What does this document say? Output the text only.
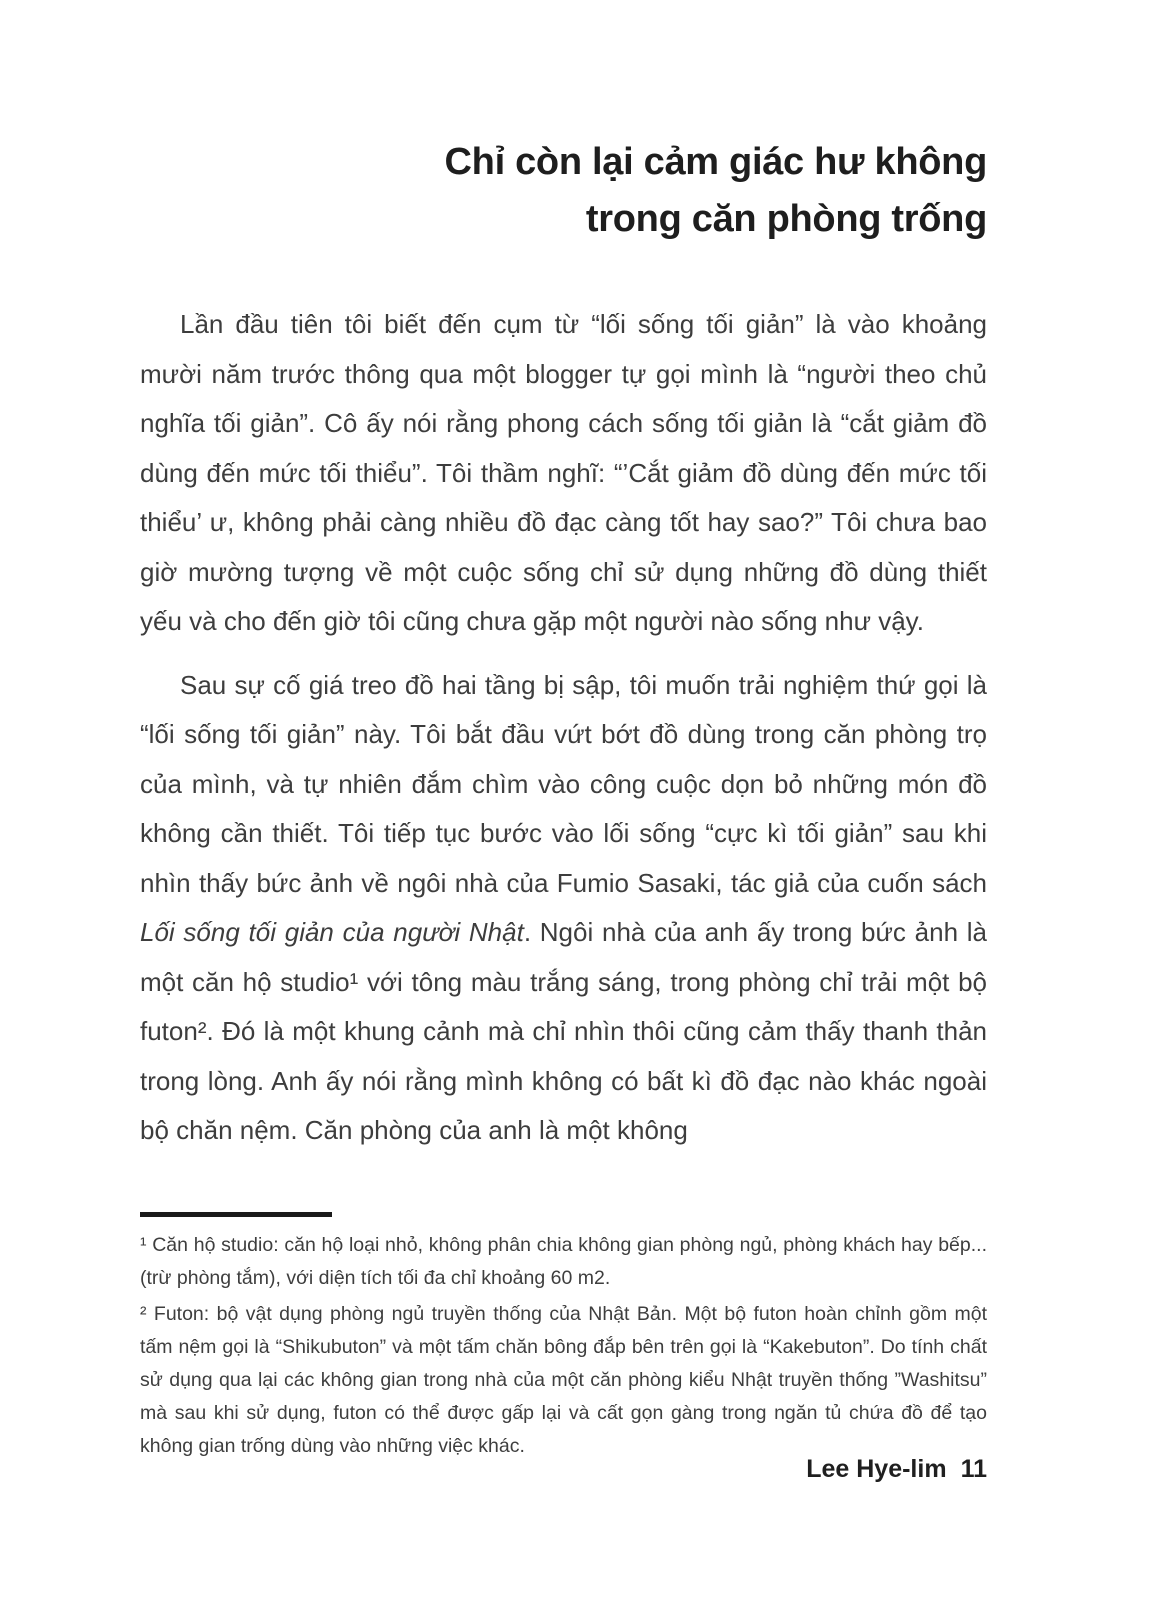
Chỉ còn lại cảm giác hư không
trong căn phòng trống

Lần đầu tiên tôi biết đến cụm từ “lối sống tối giản” là vào khoảng mười năm trước thông qua một blogger tự gọi mình là “người theo chủ nghĩa tối giản”. Cô ấy nói rằng phong cách sống tối giản là “cắt giảm đồ dùng đến mức tối thiểu”. Tôi thầm nghĩ: “’Cắt giảm đồ dùng đến mức tối thiểu’ ư, không phải càng nhiều đồ đạc càng tốt hay sao?” Tôi chưa bao giờ mường tượng về một cuộc sống chỉ sử dụng những đồ dùng thiết yếu và cho đến giờ tôi cũng chưa gặp một người nào sống như vậy.

Sau sự cố giá treo đồ hai tầng bị sập, tôi muốn trải nghiệm thứ gọi là “lối sống tối giản” này. Tôi bắt đầu vứt bớt đồ dùng trong căn phòng trọ của mình, và tự nhiên đắm chìm vào công cuộc dọn bỏ những món đồ không cần thiết. Tôi tiếp tục bước vào lối sống “cực kì tối giản” sau khi nhìn thấy bức ảnh về ngôi nhà của Fumio Sasaki, tác giả của cuốn sách Lối sống tối giản của người Nhật. Ngôi nhà của anh ấy trong bức ảnh là một căn hộ studio¹ với tông màu trắng sáng, trong phòng chỉ trải một bộ futon². Đó là một khung cảnh mà chỉ nhìn thôi cũng cảm thấy thanh thản trong lòng. Anh ấy nói rằng mình không có bất kì đồ đạc nào khác ngoài bộ chăn nệm. Căn phòng của anh là một không

¹ Căn hộ studio: căn hộ loại nhỏ, không phân chia không gian phòng ngủ, phòng khách hay bếp... (trừ phòng tắm), với diện tích tối đa chỉ khoảng 60 m2.

² Futon: bộ vật dụng phòng ngủ truyền thống của Nhật Bản. Một bộ futon hoàn chỉnh gồm một tấm nệm gọi là “Shikubuton” và một tấm chăn bông đắp bên trên gọi là “Kakebuton”. Do tính chất sử dụng qua lại các không gian trong nhà của một căn phòng kiểu Nhật truyền thống ”Washitsu” mà sau khi sử dụng, futon có thể được gấp lại và cất gọn gàng trong ngăn tủ chứa đồ để tạo không gian trống dùng vào những việc khác.

Lee Hye-lim 11
